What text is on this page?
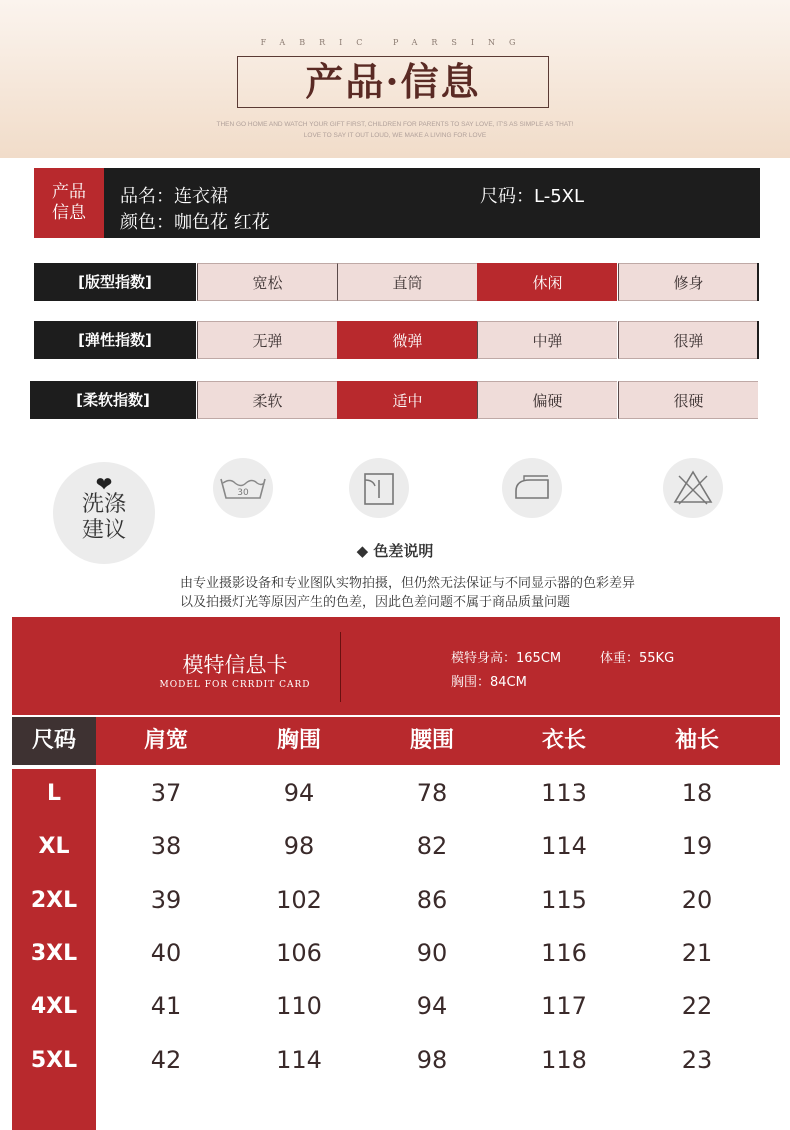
FABRIC PARSING
产品·信息
THEN GO HOME AND WATCH YOUR GIFT FIRST, CHILDREN FOR PARENTS TO SAY LOVE, IT'S AS SIMPLE AS THAT!
LOVE TO SAY IT OUT LOUD, WE MAKE A LIVING FOR LOVE
产品
信息
品名：连衣裙
颜色：咖色花 红花
尺码：L-5XL
[版型指数]	宽松	直筒	休闲	修身
[弹性指数]	无弹	微弹	中弹	很弹
[柔软指数]	柔软	适中	偏硬	很硬
❤
洗涤
建议
30
◆ 色差说明
由专业摄影设备和专业图队实物拍摄，但仍然无法保证与不同显示器的色彩差异
以及拍摄灯光等原因产生的色差，因此色差问题不属于商品质量问题
模特信息卡
MODEL FOR CRRDIT CARD
模特身高：165CM	体重：55KG
胸围：84CM
尺码	肩宽	胸围	腰围	衣长	袖长
L	37	94	78	113	18
XL	38	98	82	114	19
2XL	39	102	86	115	20
3XL	40	106	90	116	21
4XL	41	110	94	117	22
5XL	42	114	98	118	23
